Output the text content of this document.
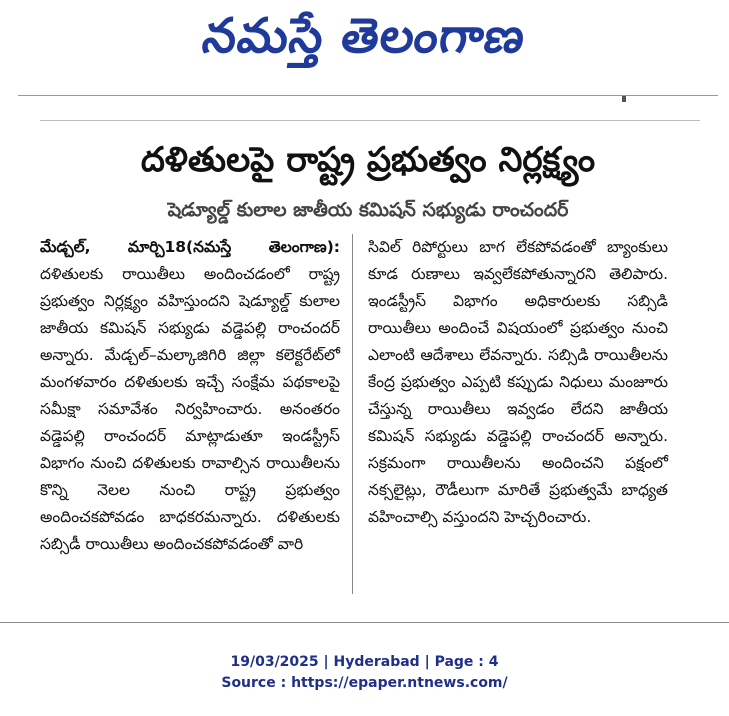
నమస్తే తెలంగాణ
దళితులపై రాష్ట్ర ప్రభుత్వం నిర్లక్ష్యం
షెడ్యూల్డ్ కులాల జాతీయ కమిషన్ సభ్యుడు రాంచందర్

మేడ్చల్, మార్చి18(నమస్తే తెలంగాణ): దళితులకు రాయితీలు అందించడంలో రాష్ట్ర ప్రభుత్వం నిర్లక్ష్యం వహిస్తుందని షెడ్యూల్డ్ కులాల జాతీయ కమిషన్ సభ్యుడు వడ్డెపల్లి రాంచందర్ అన్నారు. మేడ్చల్–మల్కాజిగిరి జిల్లా కలెక్టరేట్‌లో మంగళవారం దళితులకు ఇచ్చే సంక్షేమ పథకాలపై సమీక్షా సమావేశం నిర్వహించారు. అనంతరం వడ్డెపల్లి రాంచందర్ మాట్లాడుతూ ఇండస్ట్రీస్ విభాగం నుంచి దళితులకు రావాల్సిన రాయితీలను కొన్ని నెలల నుంచి రాష్ట్ర ప్రభుత్వం అందించకపోవడం బాధకరమన్నారు. దళితులకు సబ్సిడీ రాయితీలు అందించకపోవడంతో వారి

సివిల్ రిపోర్టులు బాగ లేకపోవడంతో బ్యాంకులు కూడ రుణాలు ఇవ్వలేకపోతున్నారని తెలిపారు. ఇండస్ట్రీస్ విభాగం అధికారులకు సబ్సిడి రాయితీలు అందించే విషయంలో ప్రభుత్వం నుంచి ఎలాంటి ఆదేశాలు లేవన్నారు. సబ్సిడి రాయితీలను కేంద్ర ప్రభుత్వం ఎప్పటి కప్పుడు నిధులు మంజూరు చేస్తున్న రాయితీలు ఇవ్వడం లేదని జాతీయ కమిషన్ సభ్యుడు వడ్డెపల్లి రాంచందర్ అన్నారు. సక్రమంగా రాయితీలను అందించని పక్షంలో నక్సలైట్లు, రౌడీలుగా మారితే ప్రభుత్వమే బాధ్యత వహించాల్సి వస్తుందని హెచ్చరించారు.

19/03/2025 | Hyderabad | Page : 4
Source : https://epaper.ntnews.com/
